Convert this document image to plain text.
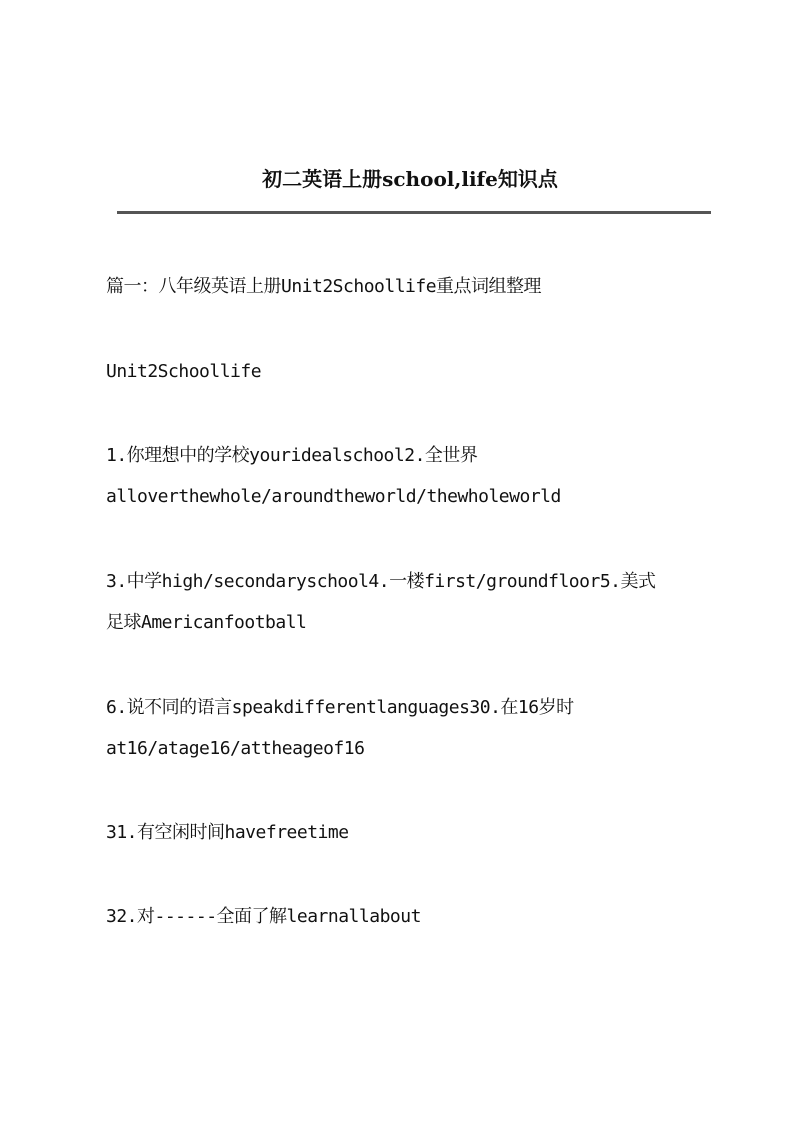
初二英语上册school,life知识点
篇一：八年级英语上册Unit2Schoollife重点词组整理
Unit2Schoollife
1.你理想中的学校youridealschool2.全世界
alloverthewhole/aroundtheworld/thewholeworld
3.中学high/secondaryschool4.一楼first/groundfloor5.美式
足球Americanfootball
6.说不同的语言speakdifferentlanguages30.在16岁时
at16/atage16/attheageof16
31.有空闲时间havefreetime
32.对------全面了解learnallabout
